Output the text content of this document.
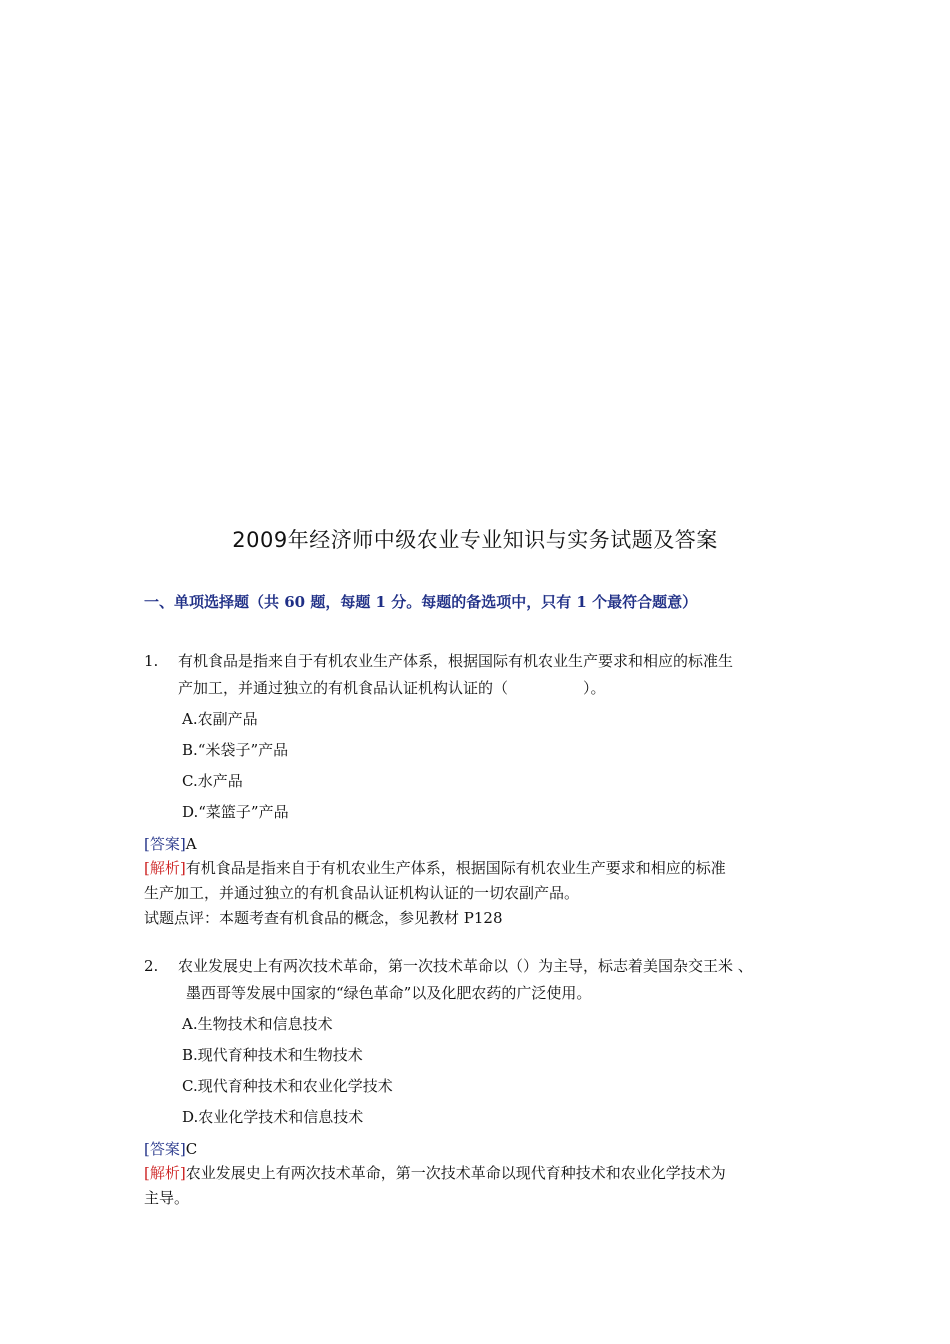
2009年经济师中级农业专业知识与实务试题及答案
一、单项选择题（共 60 题，每题 1 分。每题的备选项中，只有 1 个最符合题意）
1. 有机食品是指来自于有机农业生产体系，根据国际有机农业生产要求和相应的标准生
产加工，并通过独立的有机食品认证机构认证的（　　　　　）。
A.农副产品
B.“米袋子”产品
C.水产品
D.“菜篮子”产品
[答案]A
[解析]有机食品是指来自于有机农业生产体系，根据国际有机农业生产要求和相应的标准
生产加工，并通过独立的有机食品认证机构认证的一切农副产品。
试题点评：本题考查有机食品的概念，参见教材 P128
2. 农业发展史上有两次技术革命，第一次技术革命以（）为主导，标志着美国杂交王米 、
墨西哥等发展中国家的“绿色革命”以及化肥农药的广泛使用。
A.生物技术和信息技术
B.现代育种技术和生物技术
C.现代育种技术和农业化学技术
D.农业化学技术和信息技术
[答案]C
[解析]农业发展史上有两次技术革命，第一次技术革命以现代育种技术和农业化学技术为
主导。
